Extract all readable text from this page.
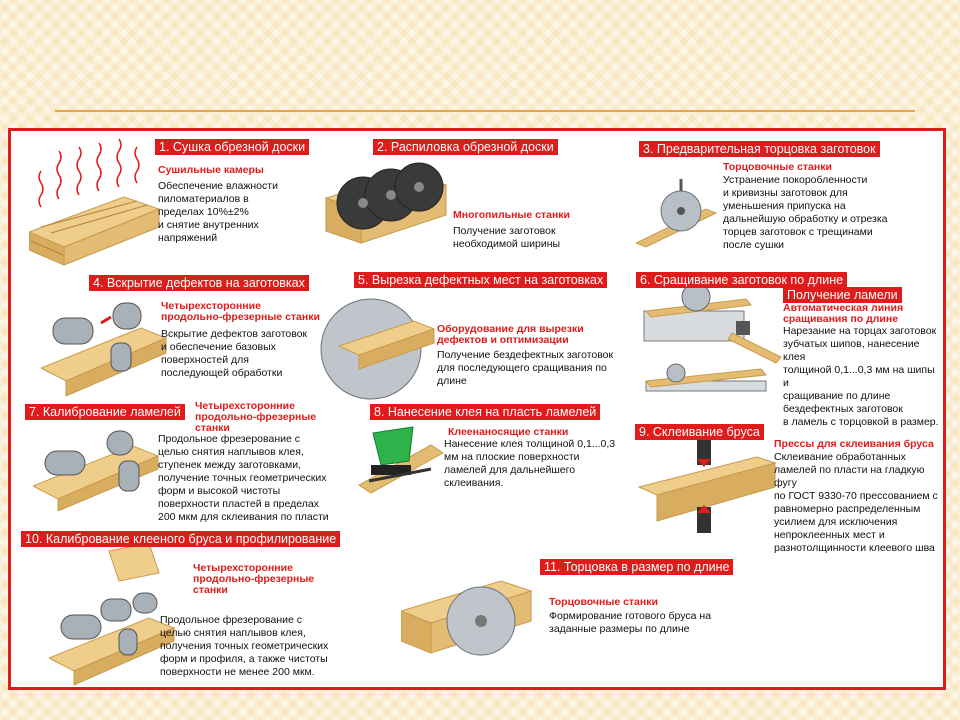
1. Сушка обрезной доски
Сушильные камеры
Обеспечение влажности
пиломатериалов в
пределах 10%±2%
и снятие внутренних
напряжений
2. Распиловка обрезной доски
Многопильные станки
Получение заготовок
необходимой ширины
3. Предварительная торцовка заготовок
Торцовочные станки
Устранение покоробленности
и кривизны заготовок для
уменьшения припуска на
дальнейшую обработку и отрезка
торцев заготовок с трещинами
после сушки
4. Вскрытие дефектов на заготовках
Четырехсторонние
продольно-фрезерные станки
Вскрытие дефектов заготовок
и обеспечение базовых
поверхностей для
последующей обработки
5. Вырезка дефектных мест на заготовках
Оборудование для вырезки
дефектов и оптимизации
Получение бездефектных заготовок
для последующего сращивания по
длине
6. Сращивание заготовок по длине
Получение ламели
Автоматическая линия
сращивания по длине
Нарезание на торцах заготовок
зубчатых шипов, нанесение клея
толщиной 0,1...0,3 мм на шипы и
сращивание по длине
бездефектных заготовок
в ламель с торцовкой в размер.
7. Калибрование ламелей	Четырехсторонние
продольно-фрезерные
станки
Продольное фрезерование с
целью снятия наплывов клея,
ступенек между заготовками,
получение точных геометрических
форм и высокой чистоты
поверхности пластей в пределах
200 мкм для склеивания по пласти
8. Нанесение клея на пласть ламелей
Клеенаносящие станки
Нанесение клея толщиной 0,1...0,3
мм на плоские поверхности
ламелей для дальнейшего
склеивания.
9. Склеивание бруса
Прессы для склеивания бруса
Склеивание обработанных
ламелей по пласти на гладкую фугу
по ГОСТ 9330-70 прессованием с
равномерно распределенным
усилием для исключения
непроклеенных мест и
разнотолщинности клеевого шва
10. Калибрование клееного бруса и профилирование
Четырехсторонние
продольно-фрезерные
станки
Продольное фрезерование с
целью снятия наплывов клея,
получения точных геометрических
форм и профиля, а также чистоты
поверхности не менее 200 мкм.
11. Торцовка в размер по длине
Торцовочные станки
Формирование готового бруса на
заданные размеры по длине
